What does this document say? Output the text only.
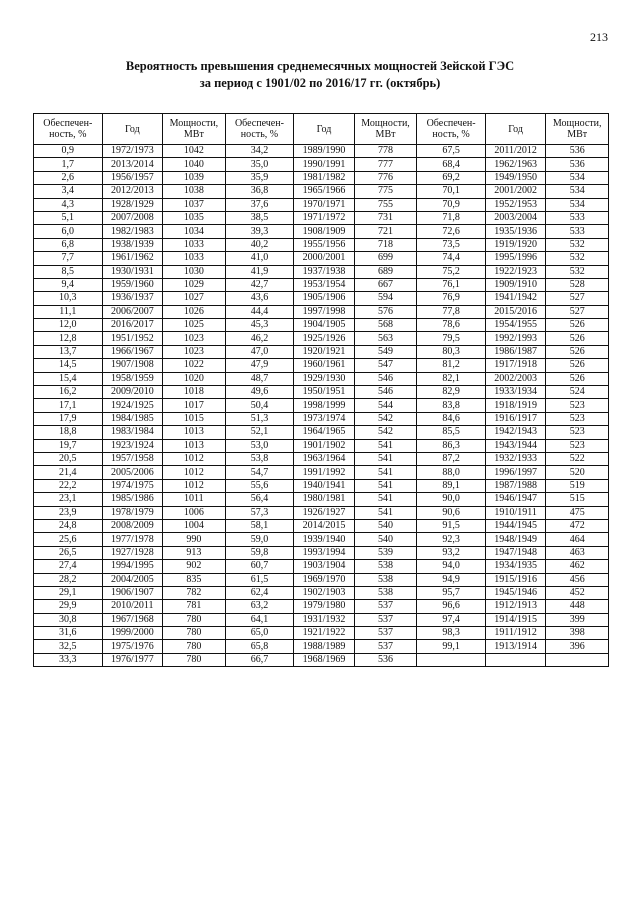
213
Вероятность превышения среднемесячных мощностей Зейской ГЭС
за период с 1901/02 по 2016/17 гг. (октябрь)
Обеспечен-ность, %	Год	Мощности, МВт	Обеспечен-ность, %	Год	Мощности, МВт	Обеспечен-ность, %	Год	Мощности, МВт
0,9	1972/1973	1042	34,2	1989/1990	778	67,5	2011/2012	536
1,7	2013/2014	1040	35,0	1990/1991	777	68,4	1962/1963	536
2,6	1956/1957	1039	35,9	1981/1982	776	69,2	1949/1950	534
3,4	2012/2013	1038	36,8	1965/1966	775	70,1	2001/2002	534
4,3	1928/1929	1037	37,6	1970/1971	755	70,9	1952/1953	534
5,1	2007/2008	1035	38,5	1971/1972	731	71,8	2003/2004	533
6,0	1982/1983	1034	39,3	1908/1909	721	72,6	1935/1936	533
6,8	1938/1939	1033	40,2	1955/1956	718	73,5	1919/1920	532
7,7	1961/1962	1033	41,0	2000/2001	699	74,4	1995/1996	532
8,5	1930/1931	1030	41,9	1937/1938	689	75,2	1922/1923	532
9,4	1959/1960	1029	42,7	1953/1954	667	76,1	1909/1910	528
10,3	1936/1937	1027	43,6	1905/1906	594	76,9	1941/1942	527
11,1	2006/2007	1026	44,4	1997/1998	576	77,8	2015/2016	527
12,0	2016/2017	1025	45,3	1904/1905	568	78,6	1954/1955	526
12,8	1951/1952	1023	46,2	1925/1926	563	79,5	1992/1993	526
13,7	1966/1967	1023	47,0	1920/1921	549	80,3	1986/1987	526
14,5	1907/1908	1022	47,9	1960/1961	547	81,2	1917/1918	526
15,4	1958/1959	1020	48,7	1929/1930	546	82,1	2002/2003	526
16,2	2009/2010	1018	49,6	1950/1951	546	82,9	1933/1934	524
17,1	1924/1925	1017	50,4	1998/1999	544	83,8	1918/1919	523
17,9	1984/1985	1015	51,3	1973/1974	542	84,6	1916/1917	523
18,8	1983/1984	1013	52,1	1964/1965	542	85,5	1942/1943	523
19,7	1923/1924	1013	53,0	1901/1902	541	86,3	1943/1944	523
20,5	1957/1958	1012	53,8	1963/1964	541	87,2	1932/1933	522
21,4	2005/2006	1012	54,7	1991/1992	541	88,0	1996/1997	520
22,2	1974/1975	1012	55,6	1940/1941	541	89,1	1987/1988	519
23,1	1985/1986	1011	56,4	1980/1981	541	90,0	1946/1947	515
23,9	1978/1979	1006	57,3	1926/1927	541	90,6	1910/1911	475
24,8	2008/2009	1004	58,1	2014/2015	540	91,5	1944/1945	472
25,6	1977/1978	990	59,0	1939/1940	540	92,3	1948/1949	464
26,5	1927/1928	913	59,8	1993/1994	539	93,2	1947/1948	463
27,4	1994/1995	902	60,7	1903/1904	538	94,0	1934/1935	462
28,2	2004/2005	835	61,5	1969/1970	538	94,9	1915/1916	456
29,1	1906/1907	782	62,4	1902/1903	538	95,7	1945/1946	452
29,9	2010/2011	781	63,2	1979/1980	537	96,6	1912/1913	448
30,8	1967/1968	780	64,1	1931/1932	537	97,4	1914/1915	399
31,6	1999/2000	780	65,0	1921/1922	537	98,3	1911/1912	398
32,5	1975/1976	780	65,8	1988/1989	537	99,1	1913/1914	396
33,3	1976/1977	780	66,7	1968/1969	536			
